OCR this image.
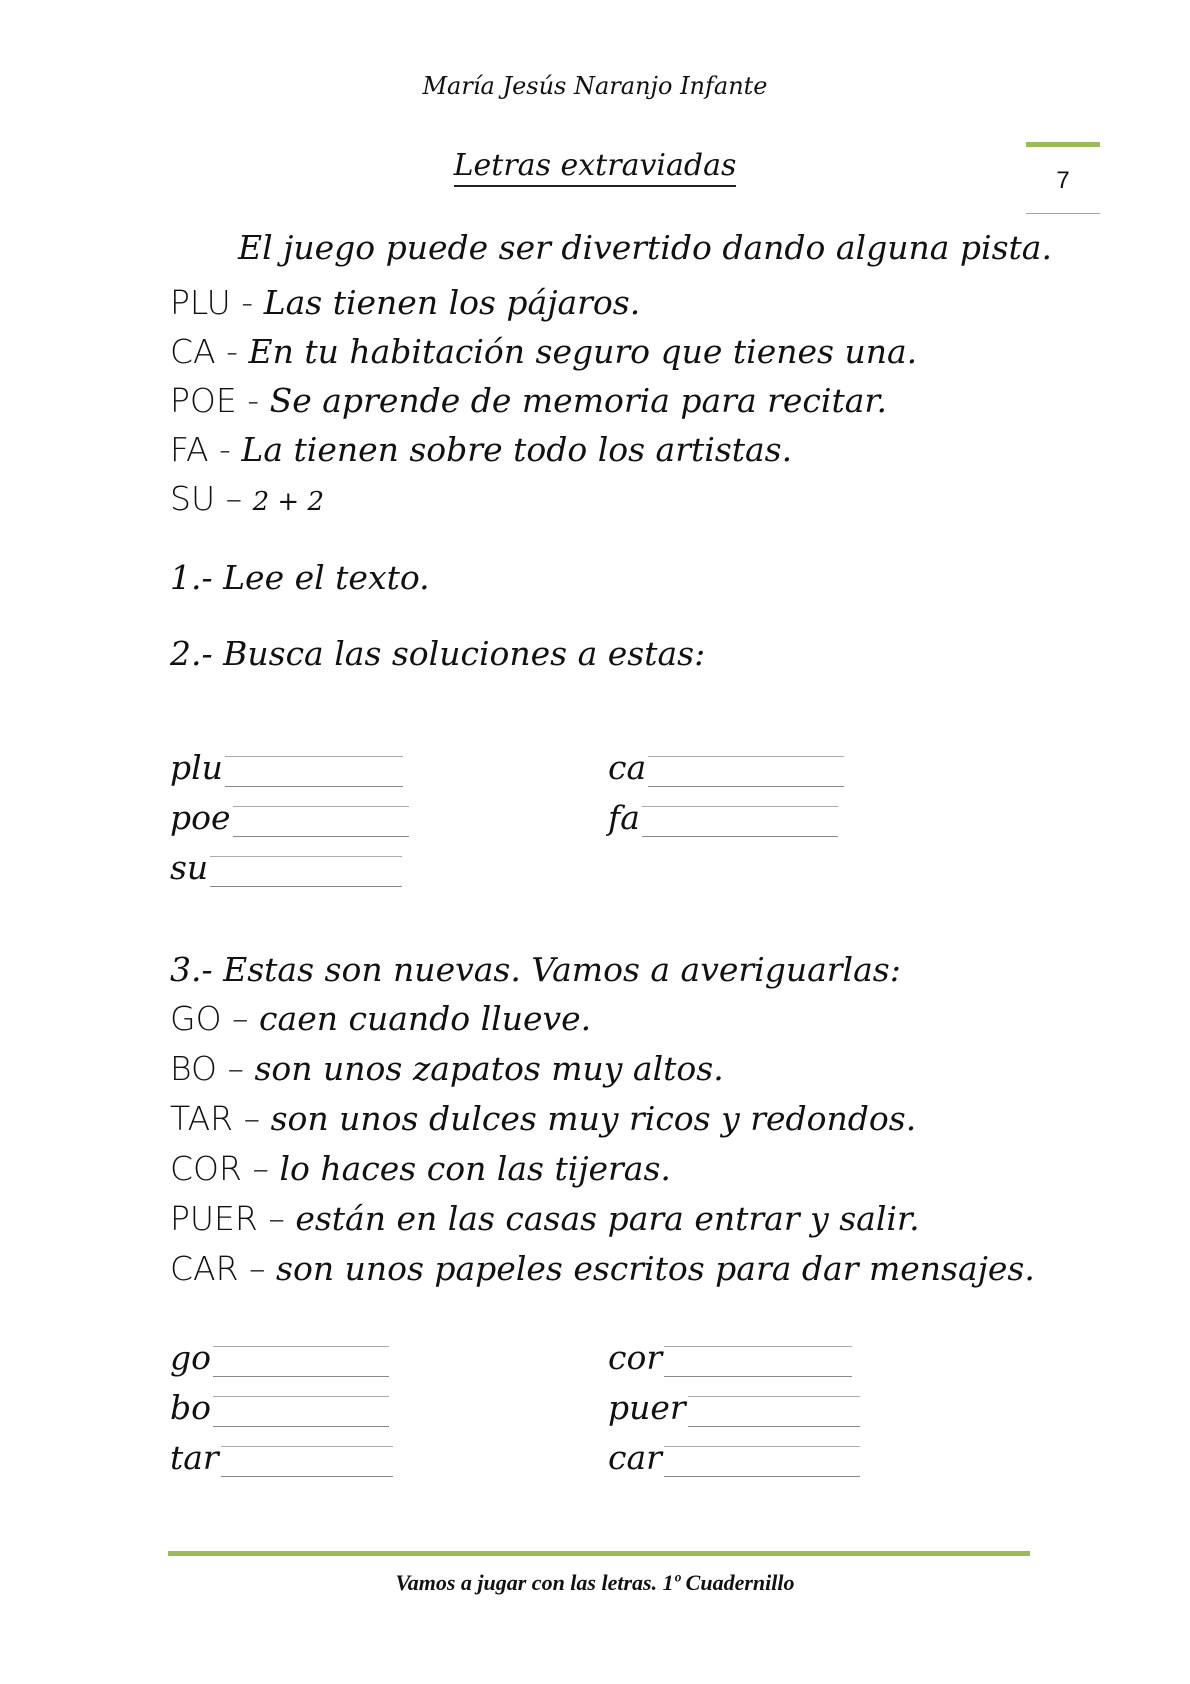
María Jesús Naranjo Infante
Letras extraviadas	7
El juego puede ser divertido dando alguna pista.
PLU - Las tienen los pájaros.
CA - En tu habitación seguro que tienes una.
POE - Se aprende de memoria para recitar.
FA - La tienen sobre todo los artistas.
SU – 2 + 2
1.- Lee el texto.
2.- Busca las soluciones a estas:
plu
poe
su
ca
fa
3.- Estas son nuevas. Vamos a averiguarlas:
GO – caen cuando llueve.
BO – son unos zapatos muy altos.
TAR – son unos dulces muy ricos y redondos.
COR – lo haces con las tijeras.
PUER – están en las casas para entrar y salir.
CAR – son unos papeles escritos para dar mensajes.
go
bo
tar
cor
puer
car
Vamos a jugar con las letras. 1º Cuadernillo
